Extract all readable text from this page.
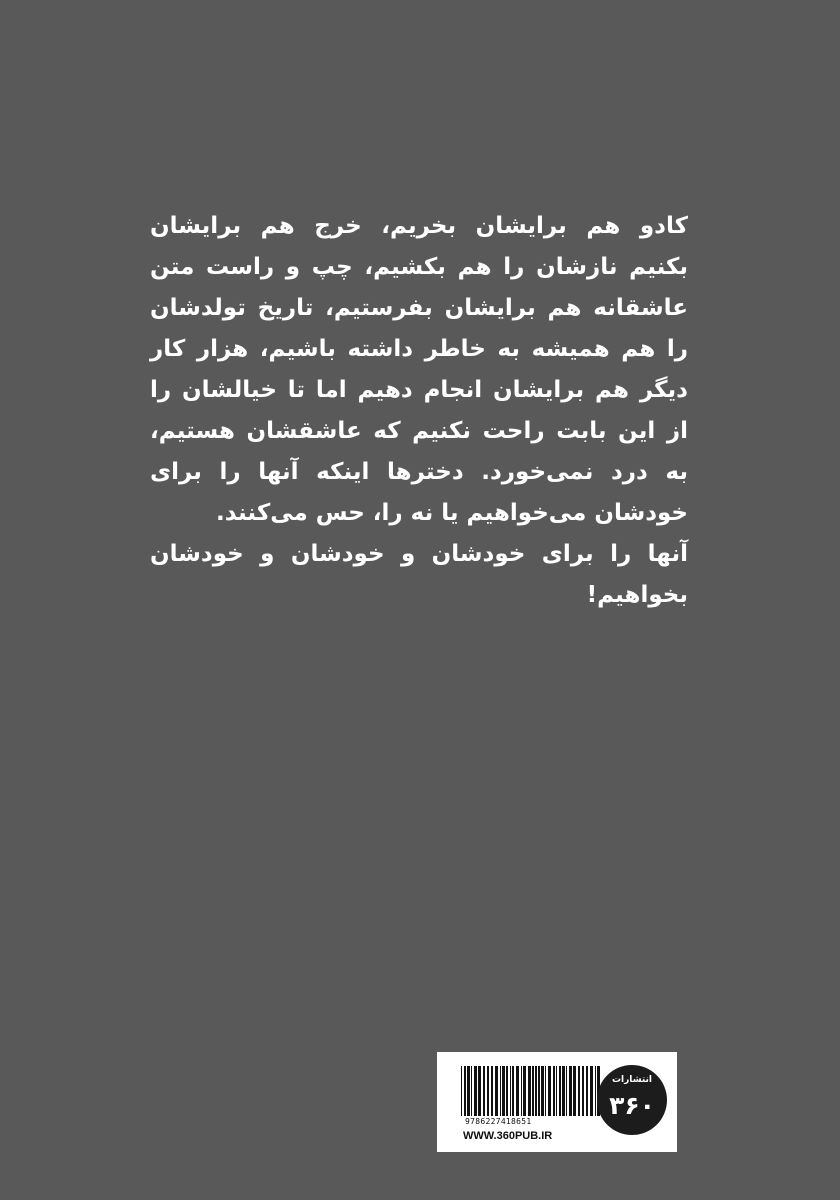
کادو هم برایشان بخریم، خرج هم برایشان
بکنیم نازشان را هم بکشیم، چپ و راست متن
عاشقانه هم برایشان بفرستیم، تاریخ تولدشان
را هم همیشه به خاطر داشته باشیم، هزار کار
دیگر هم برایشان انجام دهیم اما تا خیالشان را
از این بابت راحت نکنیم که عاشقشان هستیم،
به درد نمی‌خورد. دخترها اینکه آنها را برای
خودشان می‌خواهیم یا نه را، حس می‌کنند.
آنها را برای خودشان و خودشان و خودشان
بخواهیم!
9786227418651
WWW.360PUB.IR
انتشارات
۳۶۰
